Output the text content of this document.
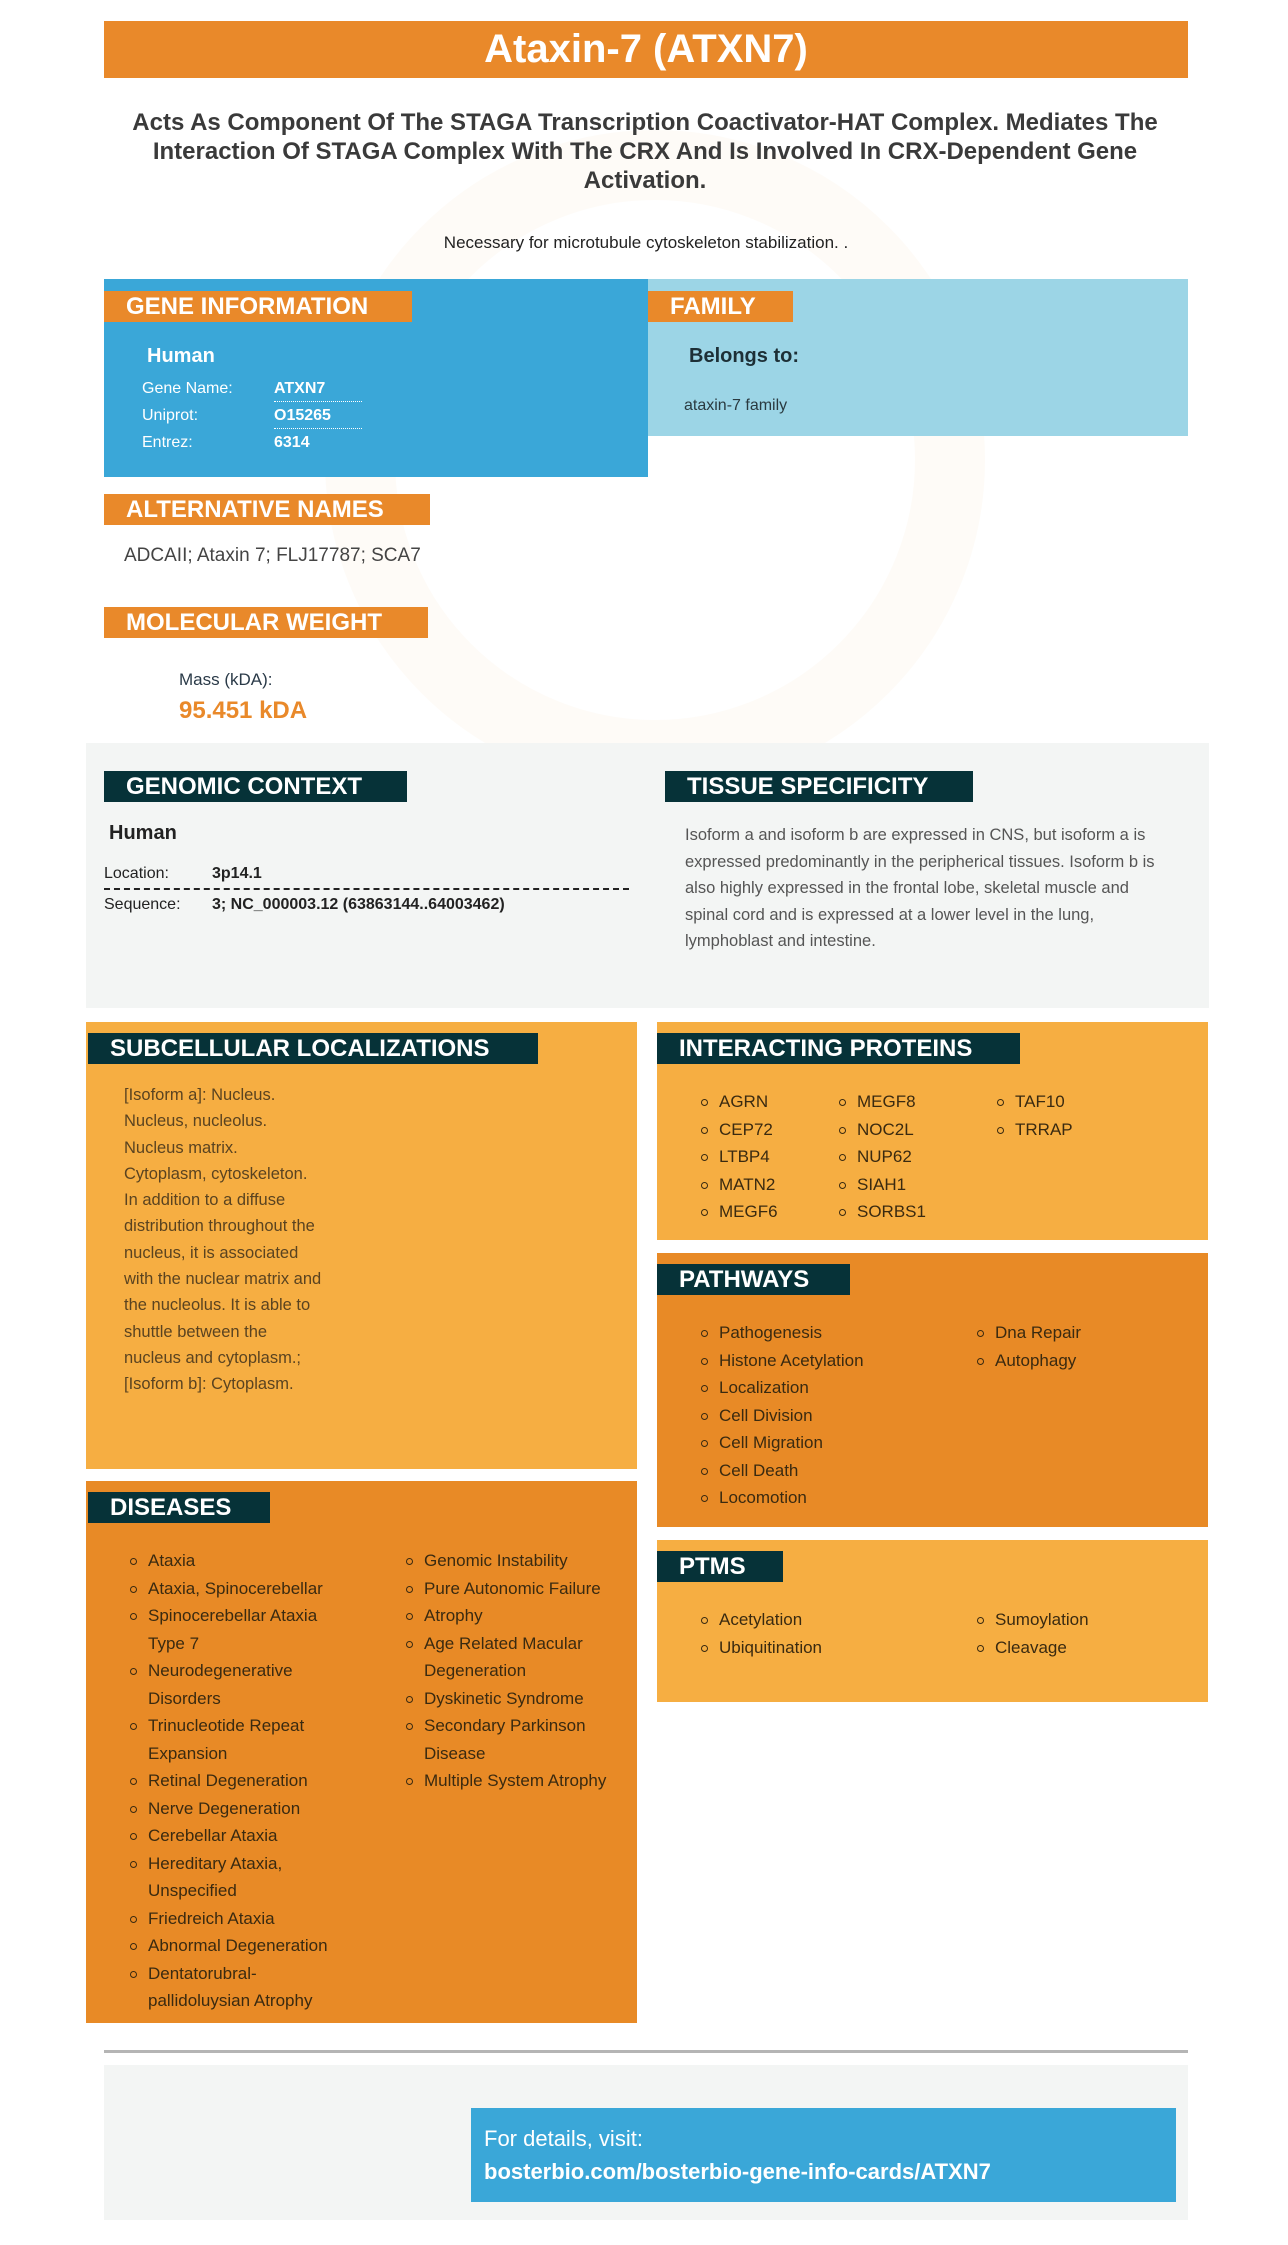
Ataxin-7 (ATXN7)
Acts As Component Of The STAGA Transcription Coactivator-HAT Complex. Mediates The Interaction Of STAGA Complex With The CRX And Is Involved In CRX-Dependent Gene Activation.
Necessary for microtubule cytoskeleton stabilization. .
GENE INFORMATION
Human
Gene Name:	ATXN7
Uniprot:	O15265
Entrez:	6314
FAMILY
Belongs to:
ataxin-7 family
ALTERNATIVE NAMES
ADCAII; Ataxin 7; FLJ17787; SCA7
MOLECULAR WEIGHT
Mass (kDA):
95.451 kDA
GENOMIC CONTEXT
Human
Location:	3p14.1
Sequence:	3; NC_000003.12 (63863144..64003462)
TISSUE SPECIFICITY
Isoform a and isoform b are expressed in CNS, but isoform a is expressed predominantly in the peripherical tissues. Isoform b is also highly expressed in the frontal lobe, skeletal muscle and spinal cord and is expressed at a lower level in the lung, lymphoblast and intestine.
SUBCELLULAR LOCALIZATIONS
[Isoform a]: Nucleus. Nucleus, nucleolus. Nucleus matrix. Cytoplasm, cytoskeleton. In addition to a diffuse distribution throughout the nucleus, it is associated with the nuclear matrix and the nucleolus. It is able to shuttle between the nucleus and cytoplasm.; [Isoform b]: Cytoplasm.
INTERACTING PROTEINS
AGRN
CEP72
LTBP4
MATN2
MEGF6
MEGF8
NOC2L
NUP62
SIAH1
SORBS1
TAF10
TRRAP
PATHWAYS
Pathogenesis
Histone Acetylation
Localization
Cell Division
Cell Migration
Cell Death
Locomotion
Dna Repair
Autophagy
PTMS
Acetylation
Ubiquitination
Sumoylation
Cleavage
DISEASES
Ataxia
Ataxia, Spinocerebellar
Spinocerebellar Ataxia Type 7
Neurodegenerative Disorders
Trinucleotide Repeat Expansion
Retinal Degeneration
Nerve Degeneration
Cerebellar Ataxia
Hereditary Ataxia, Unspecified
Friedreich Ataxia
Abnormal Degeneration
Dentatorubral-pallidoluysian Atrophy
Genomic Instability
Pure Autonomic Failure
Atrophy
Age Related Macular Degeneration
Dyskinetic Syndrome
Secondary Parkinson Disease
Multiple System Atrophy
For details, visit:
bosterbio.com/bosterbio-gene-info-cards/ATXN7
